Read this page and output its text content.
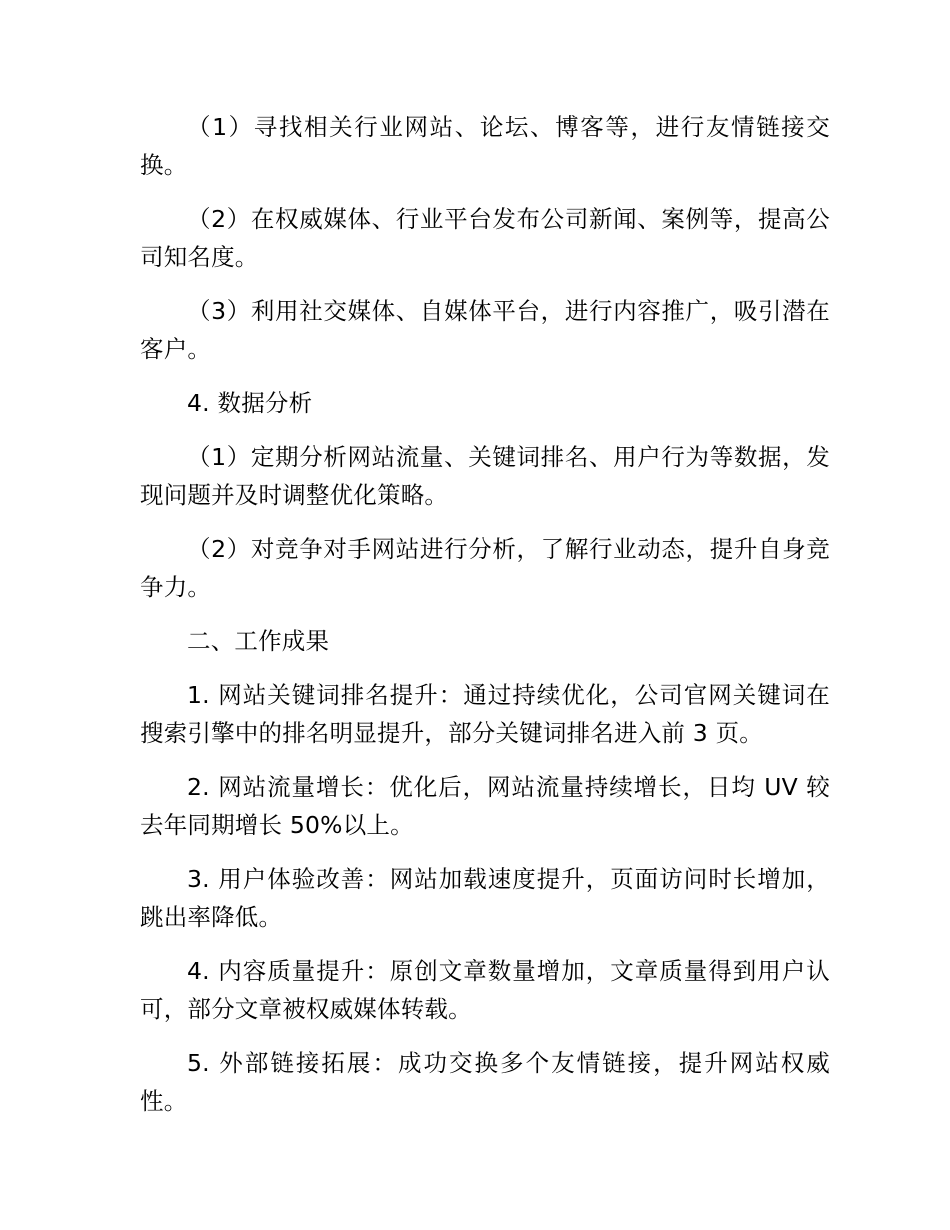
（1）寻找相关行业网站、论坛、博客等，进行友情链接交换。

（2）在权威媒体、行业平台发布公司新闻、案例等，提高公司知名度。

（3）利用社交媒体、自媒体平台，进行内容推广，吸引潜在客户。

4. 数据分析

（1）定期分析网站流量、关键词排名、用户行为等数据，发现问题并及时调整优化策略。

（2）对竞争对手网站进行分析，了解行业动态，提升自身竞争力。

二、工作成果

1. 网站关键词排名提升：通过持续优化，公司官网关键词在搜索引擎中的排名明显提升，部分关键词排名进入前 3 页。

2. 网站流量增长：优化后，网站流量持续增长，日均 UV 较去年同期增长 50%以上。

3. 用户体验改善：网站加载速度提升，页面访问时长增加，跳出率降低。

4. 内容质量提升：原创文章数量增加，文章质量得到用户认可，部分文章被权威媒体转载。

5. 外部链接拓展：成功交换多个友情链接，提升网站权威性。
